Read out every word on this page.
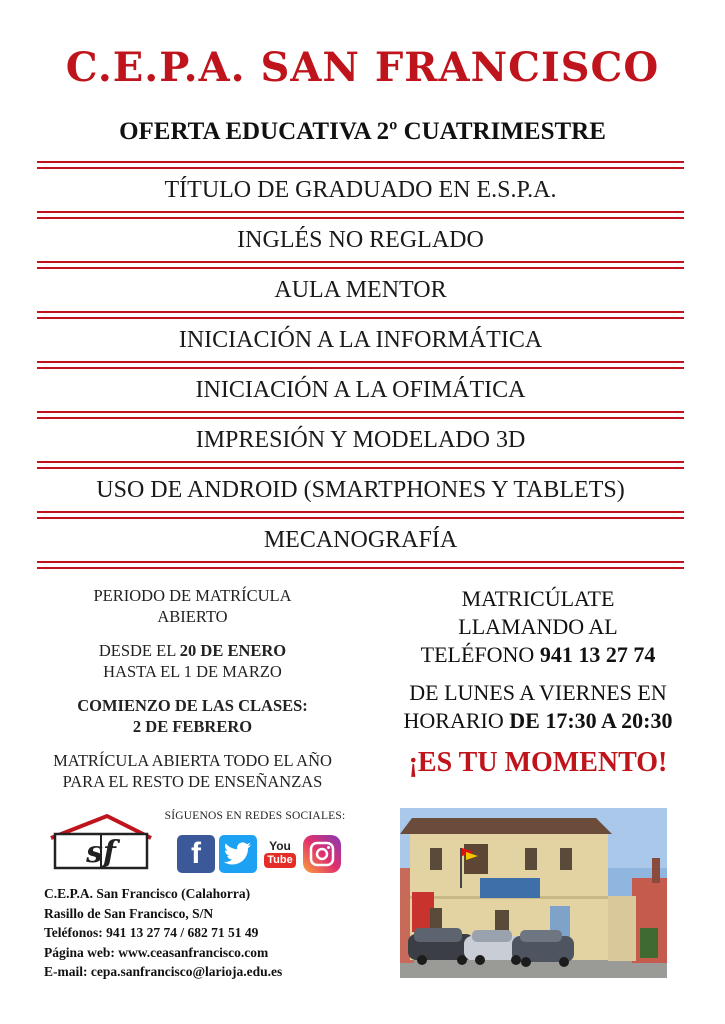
C.E.P.A. SAN FRANCISCO
OFERTA EDUCATIVA 2º CUATRIMESTRE
TÍTULO DE GRADUADO EN E.S.P.A.
INGLÉS NO REGLADO
AULA MENTOR
INICIACIÓN A LA INFORMÁTICA
INICIACIÓN A LA OFIMÁTICA
IMPRESIÓN Y MODELADO 3D
USO DE ANDROID (SMARTPHONES Y TABLETS)
MECANOGRAFÍA
PERIODO DE MATRÍCULA
ABIERTO
DESDE EL 20 DE ENERO
HASTA EL 1 DE MARZO
COMIENZO DE LAS CLASES:
2 DE FEBRERO
MATRÍCULA ABIERTA TODO EL AÑO
PARA EL RESTO DE ENSEÑANZAS
MATRICÚLATE
LLAMANDO AL
TELÉFONO 941 13 27 74
DE LUNES A VIERNES EN
HORARIO DE 17:30 A 20:30
¡ES TU MOMENTO!
sf
SÍGUENOS EN REDES SOCIALES:
f	You
Tube
C.E.P.A. San Francisco (Calahorra)
Rasillo de San Francisco, S/N
Teléfonos: 941 13 27 74 / 682 71 51 49
Página web: www.ceasanfrancisco.com
E-mail: cepa.sanfrancisco@larioja.edu.es
